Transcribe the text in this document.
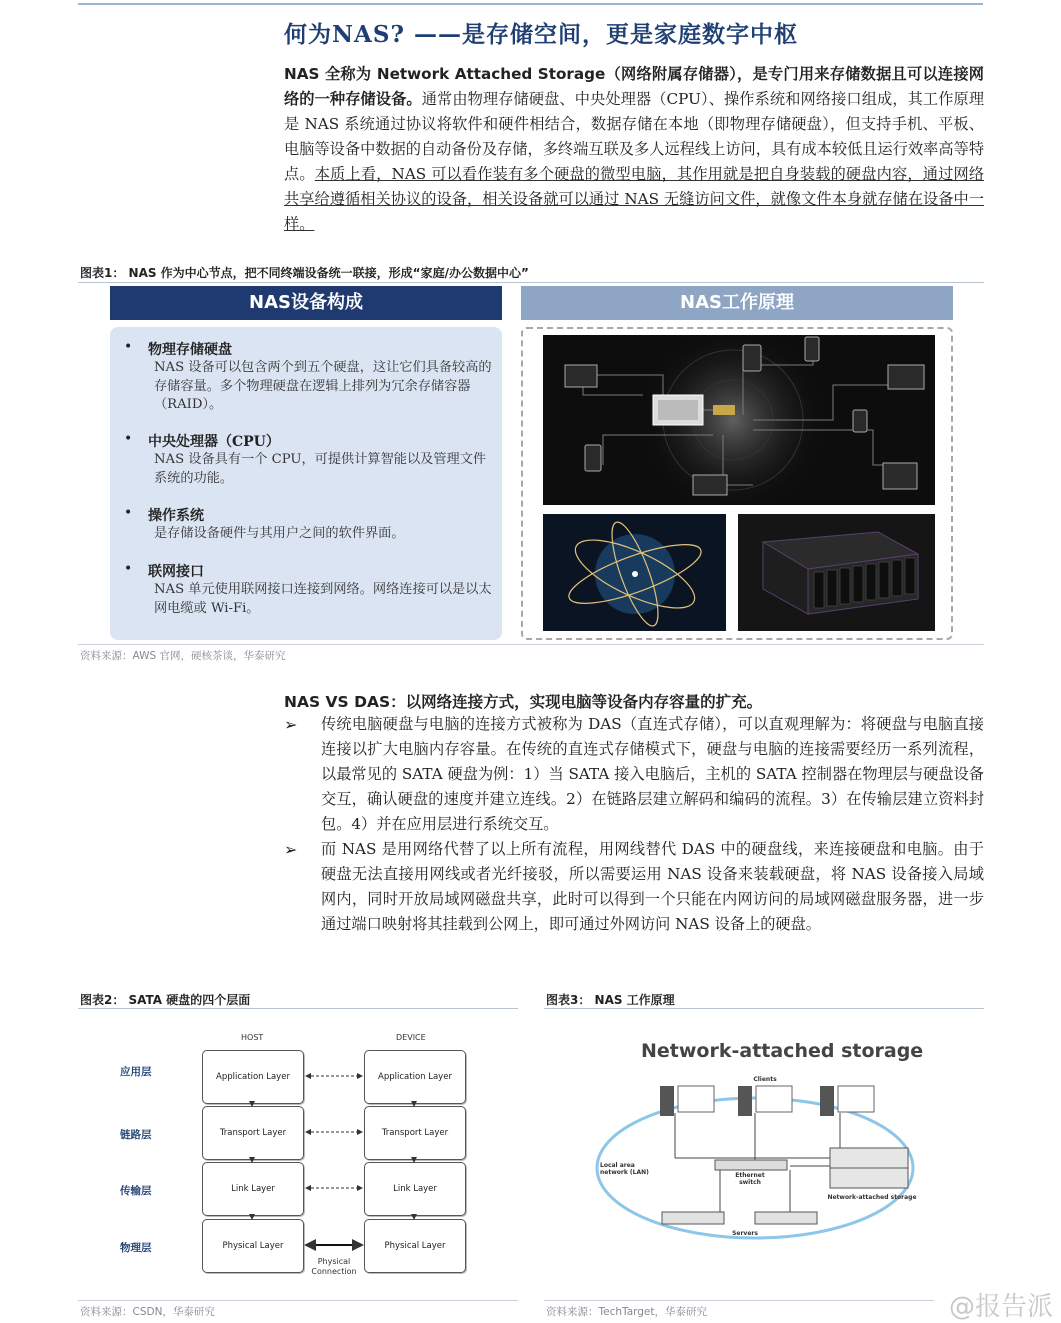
何为NAS? ——是存储空间，更是家庭数字中枢
NAS 全称为 Network Attached Storage（网络附属存储器），是专门用来存储数据且可以连接网络的一种存储设备。通常由物理存储硬盘、中央处理器（CPU）、操作系统和网络接口组成，其工作原理是 NAS 系统通过协议将软件和硬件相结合，数据存储在本地（即物理存储硬盘），但支持手机、平板、电脑等设备中数据的自动备份及存储，多终端互联及多人远程线上访问，具有成本较低且运行效率高等特点。本质上看，NAS 可以看作装有多个硬盘的微型电脑，其作用就是把自身装载的硬盘内容，通过网络共享给遵循相关协议的设备，相关设备就可以通过 NAS 无缝访问文件，就像文件本身就存储在设备中一样。
图表1： NAS 作为中心节点，把不同终端设备统一联接，形成“家庭/办公数据中心”
NAS设备构成	NAS工作原理
• 物理存储硬盘
NAS 设备可以包含两个到五个硬盘，这让它们具备较高的存储容量。多个物理硬盘在逻辑上排列为冗余存储容器（RAID）。
• 中央处理器（CPU）
NAS 设备具有一个 CPU，可提供计算智能以及管理文件系统的功能。
• 操作系统
是存储设备硬件与其用户之间的软件界面。
• 联网接口
NAS 单元使用联网接口连接到网络。网络连接可以是以太网电缆或 Wi-Fi。
资料来源：AWS 官网，硬核茶谈，华泰研究
NAS VS DAS：以网络连接方式，实现电脑等设备内存容量的扩充。
➢ 传统电脑硬盘与电脑的连接方式被称为 DAS（直连式存储），可以直观理解为：将硬盘与电脑直接连接以扩大电脑内存容量。在传统的直连式存储模式下，硬盘与电脑的连接需要经历一系列流程，以最常见的 SATA 硬盘为例：1）当 SATA 接入电脑后，主机的 SATA 控制器在物理层与硬盘设备交互，确认硬盘的速度并建立连线。2）在链路层建立解码和编码的流程。3）在传输层建立资料封包。4）并在应用层进行系统交互。
➢ 而 NAS 是用网络代替了以上所有流程，用网线替代 DAS 中的硬盘线，来连接硬盘和电脑。由于硬盘无法直接用网线或者光纤接驳，所以需要运用 NAS 设备来装载硬盘，将 NAS 设备接入局域网内，同时开放局域网磁盘共享，此时可以得到一个只能在内网访问的局域网磁盘服务器，进一步通过端口映射将其挂载到公网上，即可通过外网访问 NAS 设备上的硬盘。
图表2： SATA 硬盘的四个层面
HOST	DEVICE
应用层
链路层
传输层
物理层
Application Layer
Transport Layer
Link Layer
Physical Layer
Application Layer
Transport Layer
Link Layer
Physical Layer
Physical Connection
资料来源：CSDN，华泰研究
图表3： NAS 工作原理
Network-attached storage
Clients
Local area network (LAN)	Ethernet switch
Network-attached storage
Servers
资料来源：TechTarget，华泰研究	@报告派
